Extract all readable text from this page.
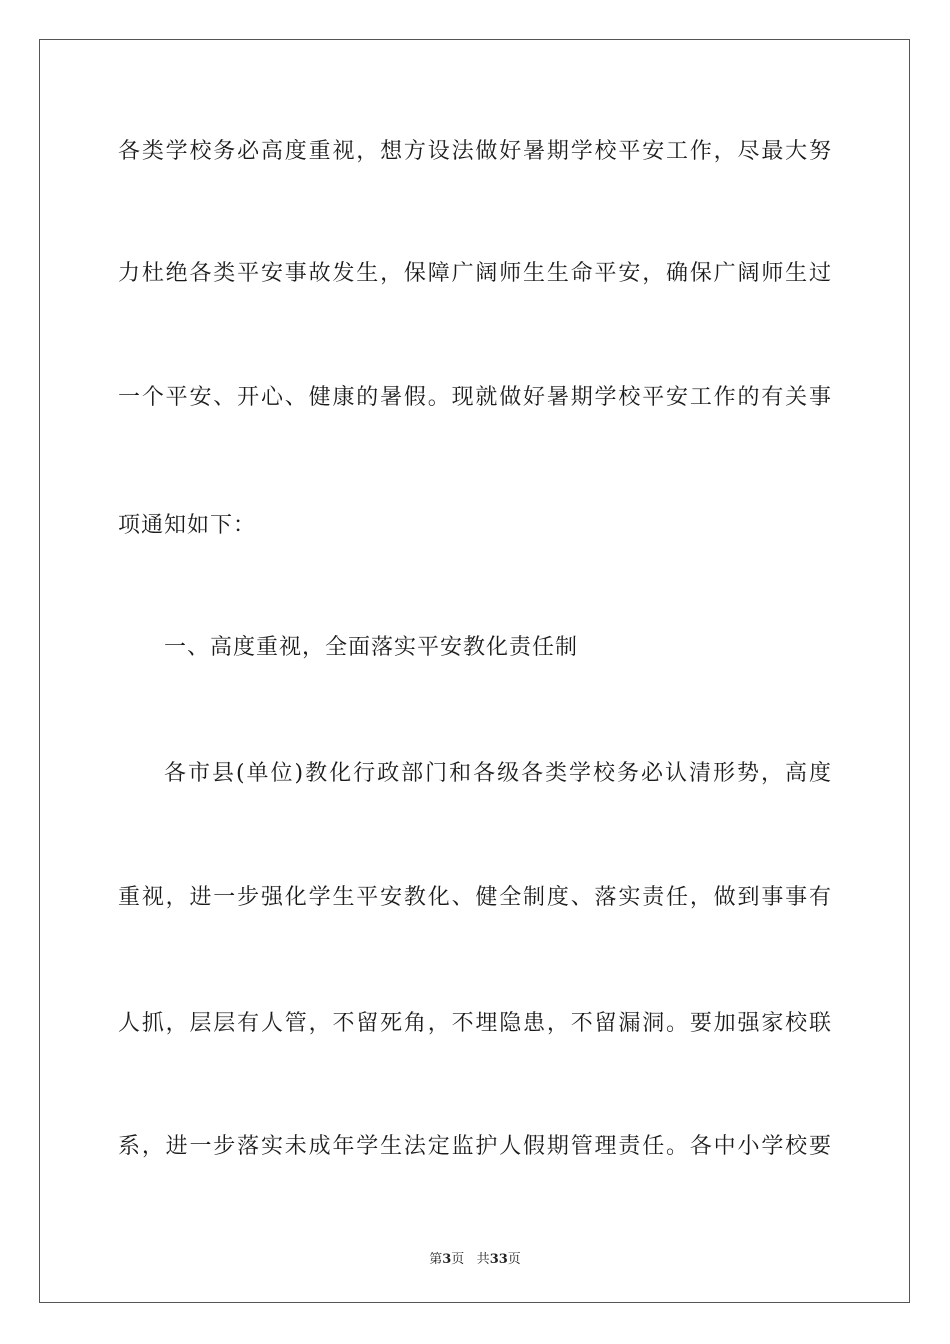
各类学校务必高度重视，想方设法做好暑期学校平安工作，尽最大努
力杜绝各类平安事故发生，保障广阔师生生命平安，确保广阔师生过
一个平安、开心、健康的暑假。现就做好暑期学校平安工作的有关事
项通知如下：
一、高度重视，全面落实平安教化责任制
各市县(单位)教化行政部门和各级各类学校务必认清形势，高度
重视，进一步强化学生平安教化、健全制度、落实责任，做到事事有
人抓，层层有人管，不留死角，不埋隐患，不留漏洞。要加强家校联
系，进一步落实未成年学生法定监护人假期管理责任。各中小学校要
第3页 共33页
